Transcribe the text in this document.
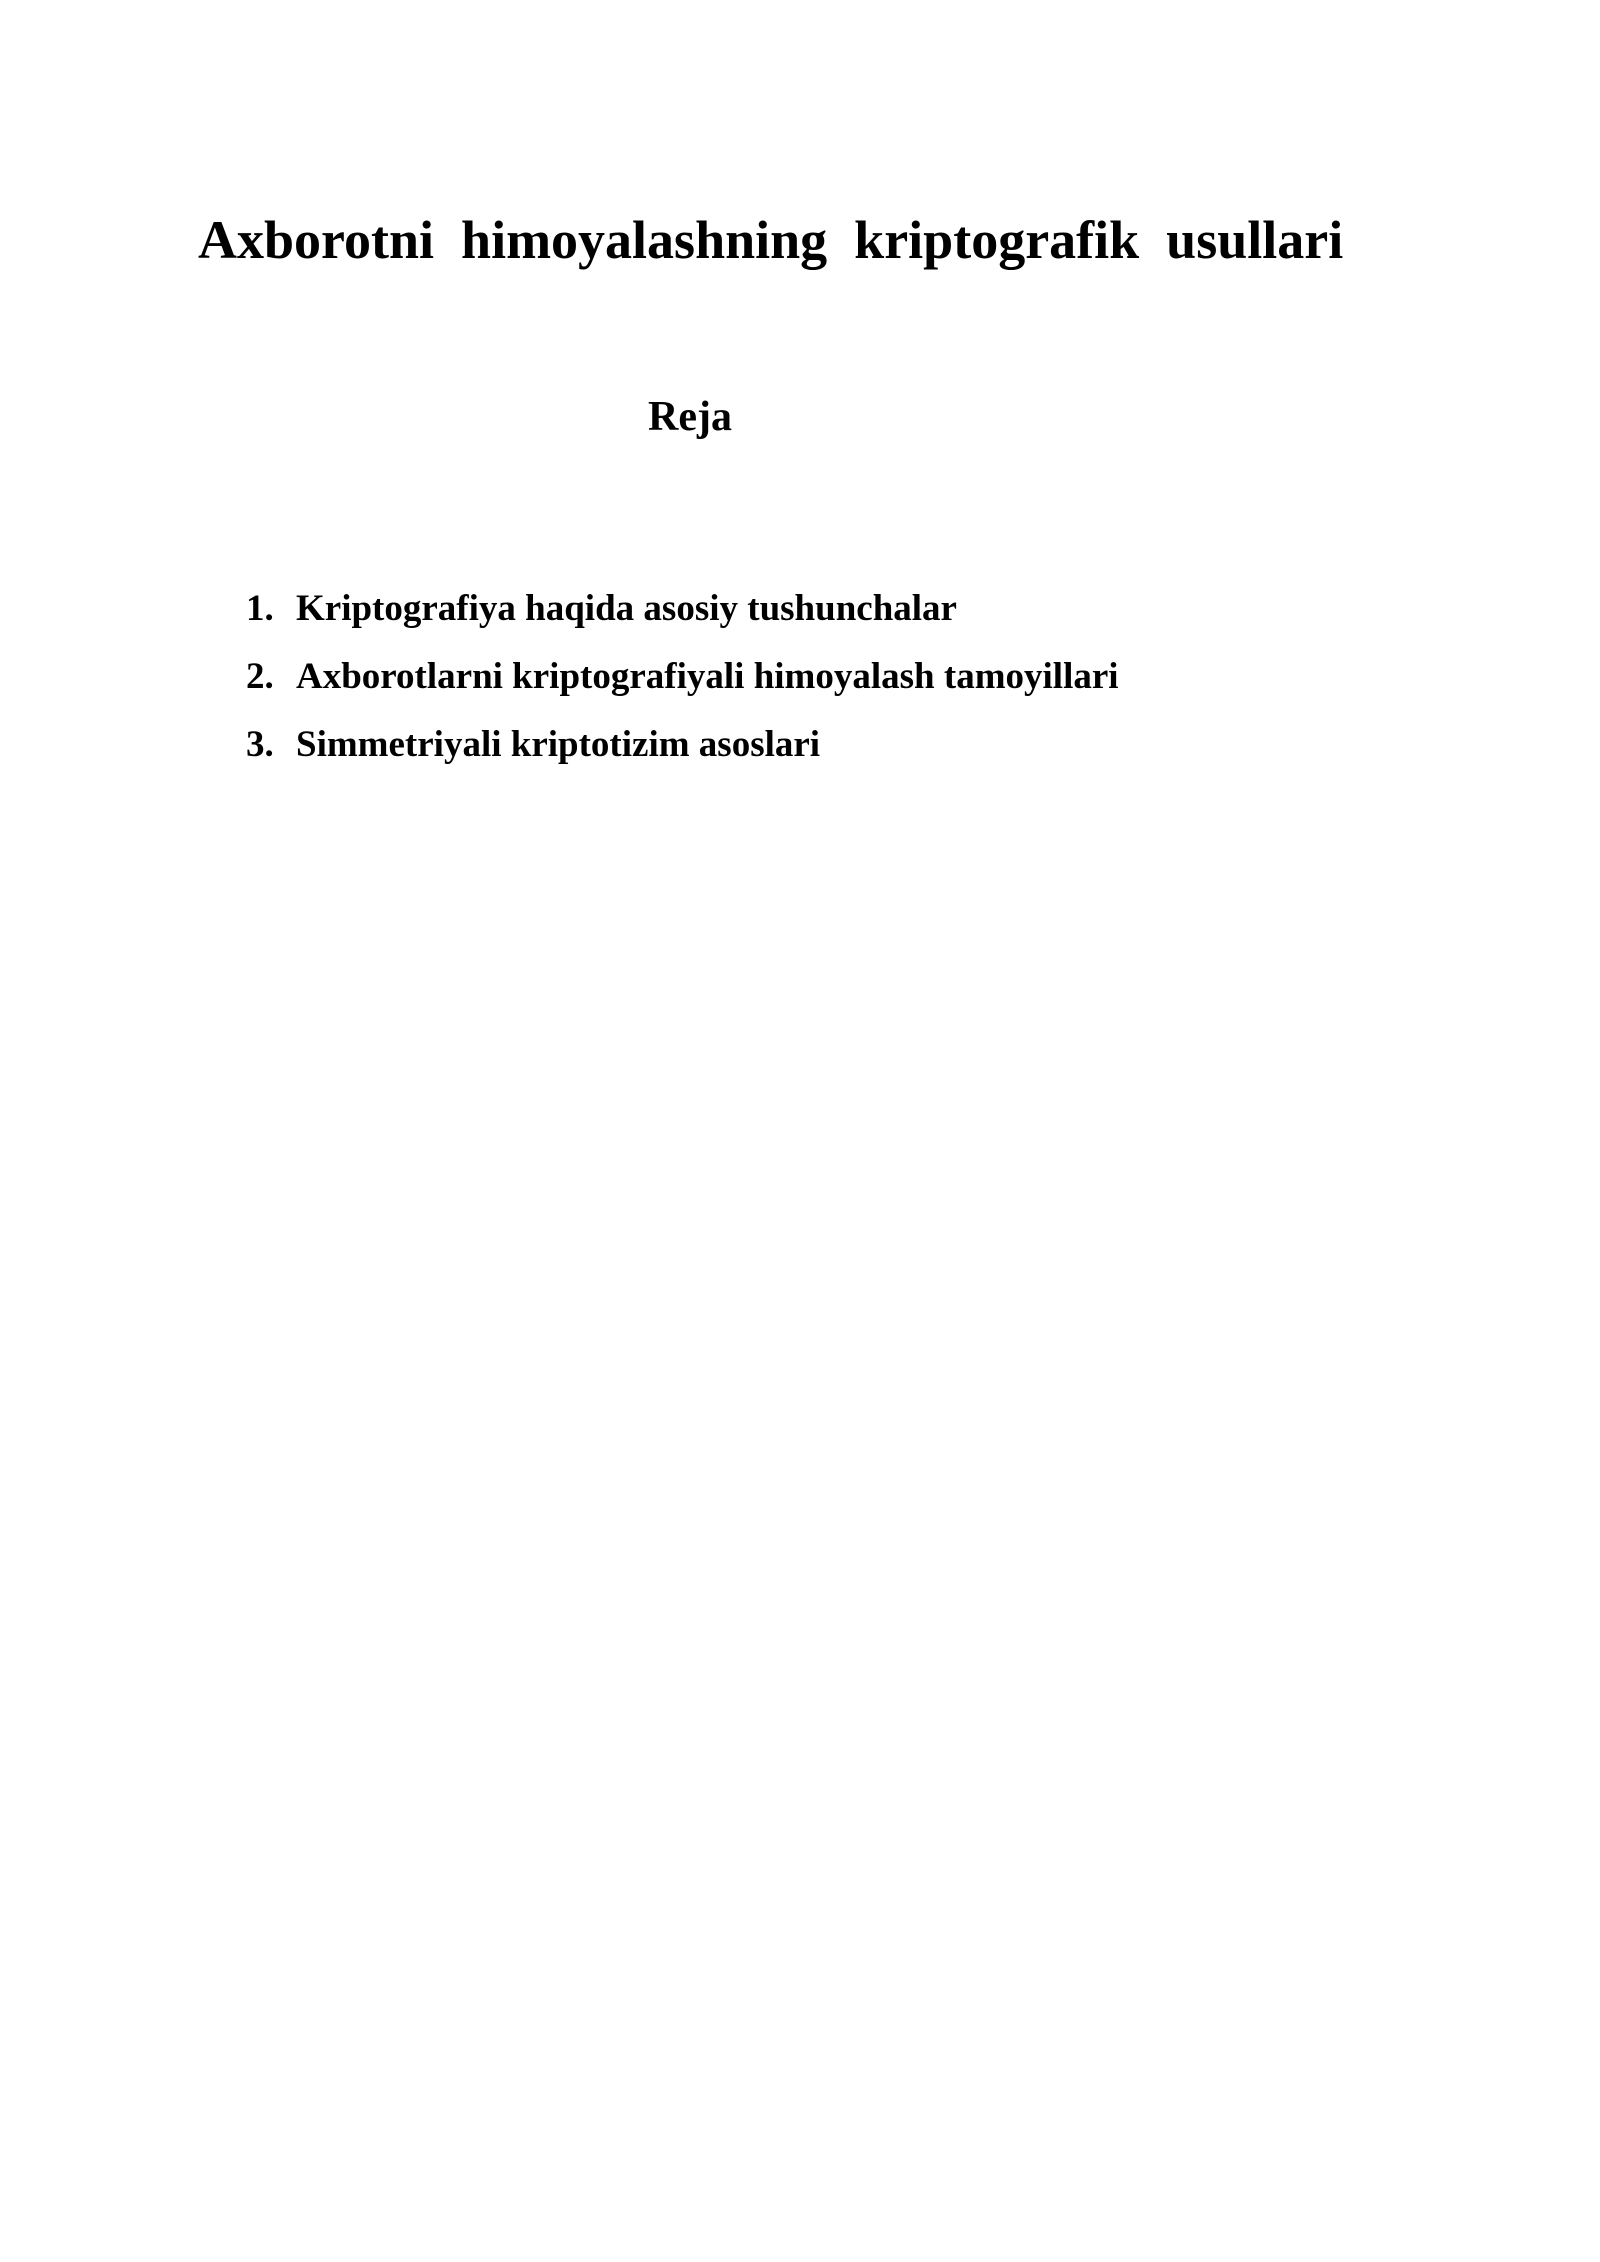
Axborotni  himoyalashning  kriptografik  usullari
Reja
1. Kriptografiya haqida asosiy tushunchalar
2. Axborotlarni kriptografiyali himoyalash tamoyillari
3. Simmetriyali kriptotizim asoslari
